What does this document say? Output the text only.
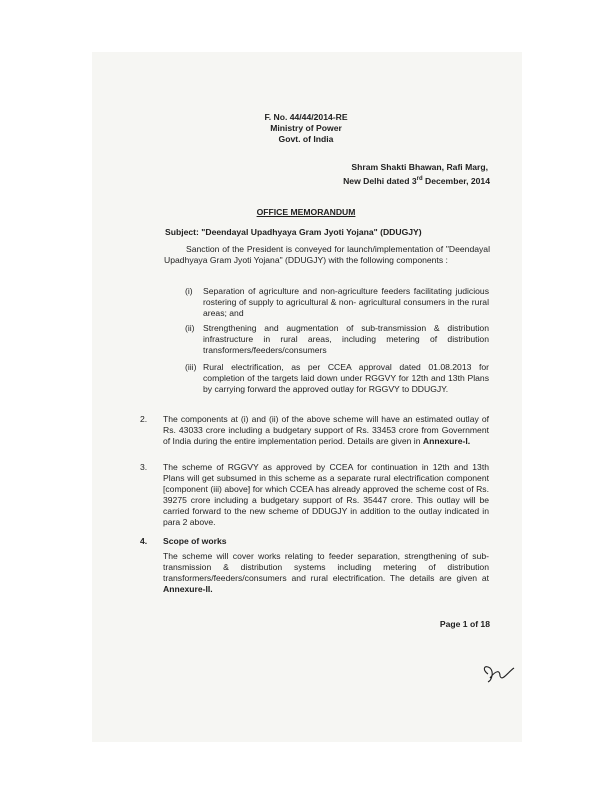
F. No. 44/44/2014-RE
Ministry of Power
Govt. of India
Shram Shakti Bhawan, Rafi Marg,
New Delhi dated 3rd December, 2014
OFFICE MEMORANDUM
Subject: "Deendayal Upadhyaya Gram Jyoti Yojana" (DDUGJY)
Sanction of the President is conveyed for launch/implementation of "Deendayal Upadhyaya Gram Jyoti Yojana" (DDUGJY) with the following components :
(i)	Separation of agriculture and non-agriculture feeders facilitating judicious rostering of supply to agricultural & non- agricultural consumers in the rural areas; and
(ii) Strengthening and augmentation of sub-transmission & distribution infrastructure in rural areas, including metering of distribution transformers/feeders/consumers
(iii) Rural electrification, as per CCEA approval dated 01.08.2013 for completion of the targets laid down under RGGVY for 12th and 13th Plans by carrying forward the approved outlay for RGGVY to DDUGJY.
2.	The components at (i) and (ii) of the above scheme will have an estimated outlay of Rs. 43033 crore including a budgetary support of Rs. 33453 crore from Government of India during the entire implementation period. Details are given in Annexure-I.
3.	The scheme of RGGVY as approved by CCEA for continuation in 12th and 13th Plans will get subsumed in this scheme as a separate rural electrification component [component (iii) above] for which CCEA has already approved the scheme cost of Rs. 39275 crore including a budgetary support of Rs. 35447 crore. This outlay will be carried forward to the new scheme of DDUGJY in addition to the outlay indicated in para 2 above.
4.	Scope of works
The scheme will cover works relating to feeder separation, strengthening of sub-transmission & distribution systems including metering of distribution transformers/feeders/consumers and rural electrification. The details are given at Annexure-II.
Page 1 of 18
